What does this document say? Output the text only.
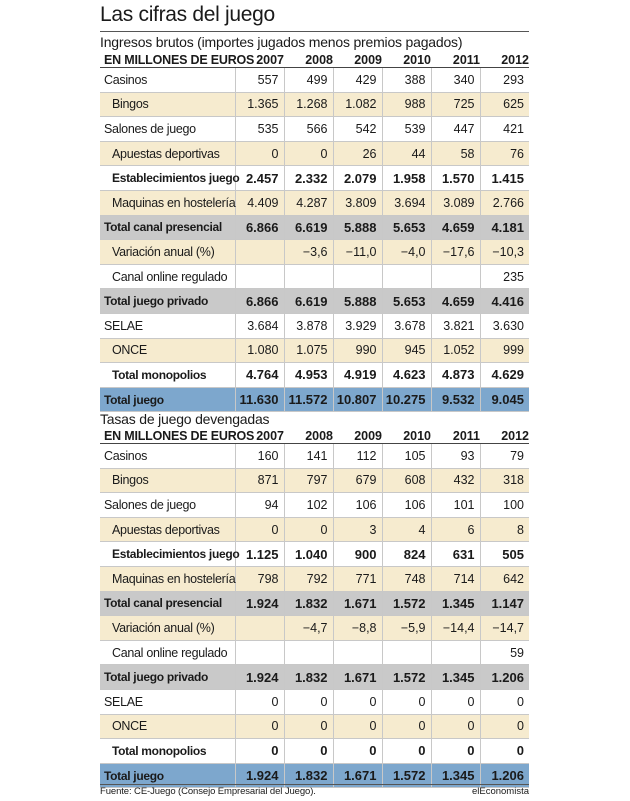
Las cifras del juego
Ingresos brutos (importes jugados menos premios pagados)
EN MILLONES DE EUROS	2007	2008	2009	2010	2011	2012
Casinos	557	499	429	388	340	293
Bingos	1.365	1.268	1.082	988	725	625
Salones de juego	535	566	542	539	447	421
Apuestas deportivas	0	0	26	44	58	76
Establecimientos juego	2.457	2.332	2.079	1.958	1.570	1.415
Maquinas en hostelería	4.409	4.287	3.809	3.694	3.089	2.766
Total canal presencial	6.866	6.619	5.888	5.653	4.659	4.181
Variación anual (%)		−3,6	−11,0	−4,0	−17,6	−10,3
Canal online regulado						235
Total juego privado	6.866	6.619	5.888	5.653	4.659	4.416
SELAE	3.684	3.878	3.929	3.678	3.821	3.630
ONCE	1.080	1.075	990	945	1.052	999
Total monopolios	4.764	4.953	4.919	4.623	4.873	4.629
Total juego	11.630	11.572	10.807	10.275	9.532	9.045
Tasas de juego devengadas
EN MILLONES DE EUROS	2007	2008	2009	2010	2011	2012
Casinos	160	141	112	105	93	79
Bingos	871	797	679	608	432	318
Salones de juego	94	102	106	106	101	100
Apuestas deportivas	0	0	3	4	6	8
Establecimientos juego	1.125	1.040	900	824	631	505
Maquinas en hostelería	798	792	771	748	714	642
Total canal presencial	1.924	1.832	1.671	1.572	1.345	1.147
Variación anual (%)		−4,7	−8,8	−5,9	−14,4	−14,7
Canal online regulado						59
Total juego privado	1.924	1.832	1.671	1.572	1.345	1.206
SELAE	0	0	0	0	0	0
ONCE	0	0	0	0	0	0
Total monopolios	0	0	0	0	0	0
Total juego	1.924	1.832	1.671	1.572	1.345	1.206
Fuente: CE-Juego (Consejo Empresarial del Juego).	elEconomista
